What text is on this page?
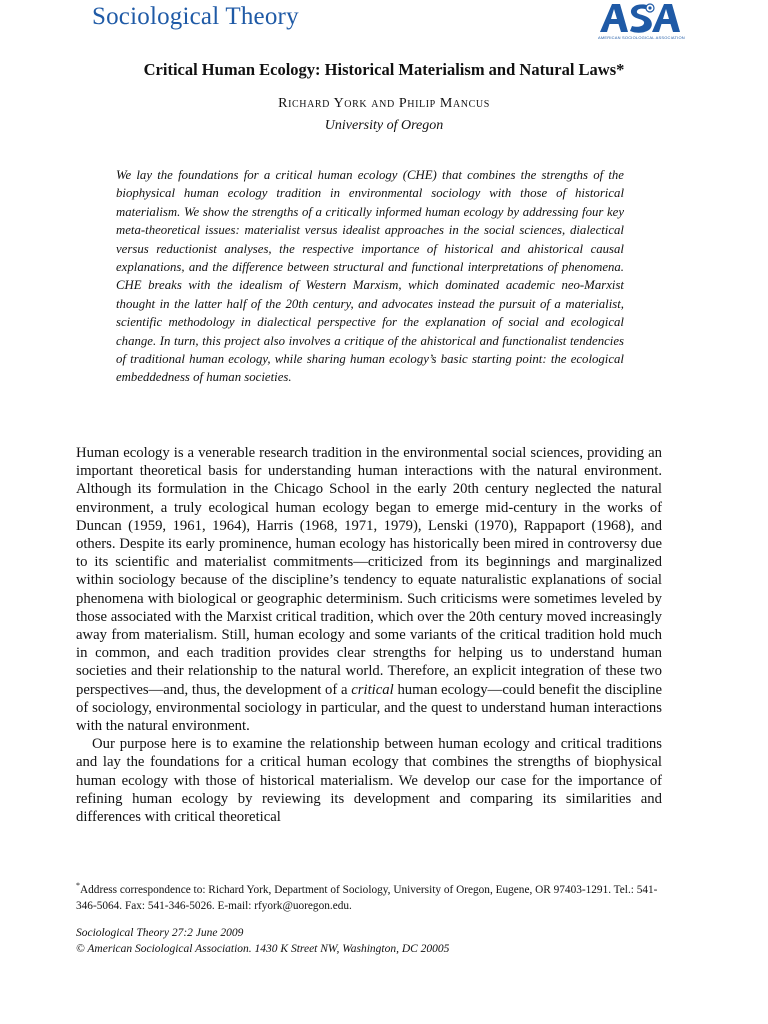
Sociological Theory
AMERICAN SOCIOLOGICAL ASSOCIATION
Critical Human Ecology: Historical Materialism and Natural Laws*
Richard York and Philip Mancus
University of Oregon

We lay the foundations for a critical human ecology (CHE) that combines the strengths of the biophysical human ecology tradition in environmental sociology with those of historical materialism. We show the strengths of a critically informed human ecology by addressing four key meta-theoretical issues: materialist versus idealist approaches in the social sciences, dialectical versus reductionist analyses, the respective importance of historical and ahistorical causal explanations, and the difference between structural and functional interpretations of phenomena. CHE breaks with the idealism of Western Marxism, which dominated academic neo-Marxist thought in the latter half of the 20th century, and advocates instead the pursuit of a materialist, scientific methodology in dialectical perspective for the explanation of social and ecological change. In turn, this project also involves a critique of the ahistorical and functionalist tendencies of traditional human ecology, while sharing human ecology’s basic starting point: the ecological embeddedness of human societies.

Human ecology is a venerable research tradition in the environmental social sciences, providing an important theoretical basis for understanding human interactions with the natural environment. Although its formulation in the Chicago School in the early 20th century neglected the natural environment, a truly ecological human ecology began to emerge mid-century in the works of Duncan (1959, 1961, 1964), Harris (1968, 1971, 1979), Lenski (1970), Rappaport (1968), and others. Despite its early prominence, human ecology has historically been mired in controversy due to its scientific and materialist commitments—criticized from its beginnings and marginalized within sociology because of the discipline’s tendency to equate naturalistic explanations of social phenomena with biological or geographic determinism. Such criticisms were sometimes leveled by those associated with the Marxist critical tradition, which over the 20th century moved increasingly away from materialism. Still, human ecology and some variants of the critical tradition hold much in common, and each tradition provides clear strengths for helping us to understand human societies and their relationship to the natural world. Therefore, an explicit integration of these two perspectives—and, thus, the development of a critical human ecology—could benefit the discipline of sociology, environmental sociology in particular, and the quest to understand human interactions with the natural environment.

Our purpose here is to examine the relationship between human ecology and critical traditions and lay the foundations for a critical human ecology that combines the strengths of biophysical human ecology with those of historical materialism. We develop our case for the importance of refining human ecology by reviewing its development and comparing its similarities and differences with critical theoretical

*Address correspondence to: Richard York, Department of Sociology, University of Oregon, Eugene, OR 97403-1291. Tel.: 541-346-5064. Fax: 541-346-5026. E-mail: rfyork@uoregon.edu.

Sociological Theory 27:2 June 2009
© American Sociological Association. 1430 K Street NW, Washington, DC 20005
